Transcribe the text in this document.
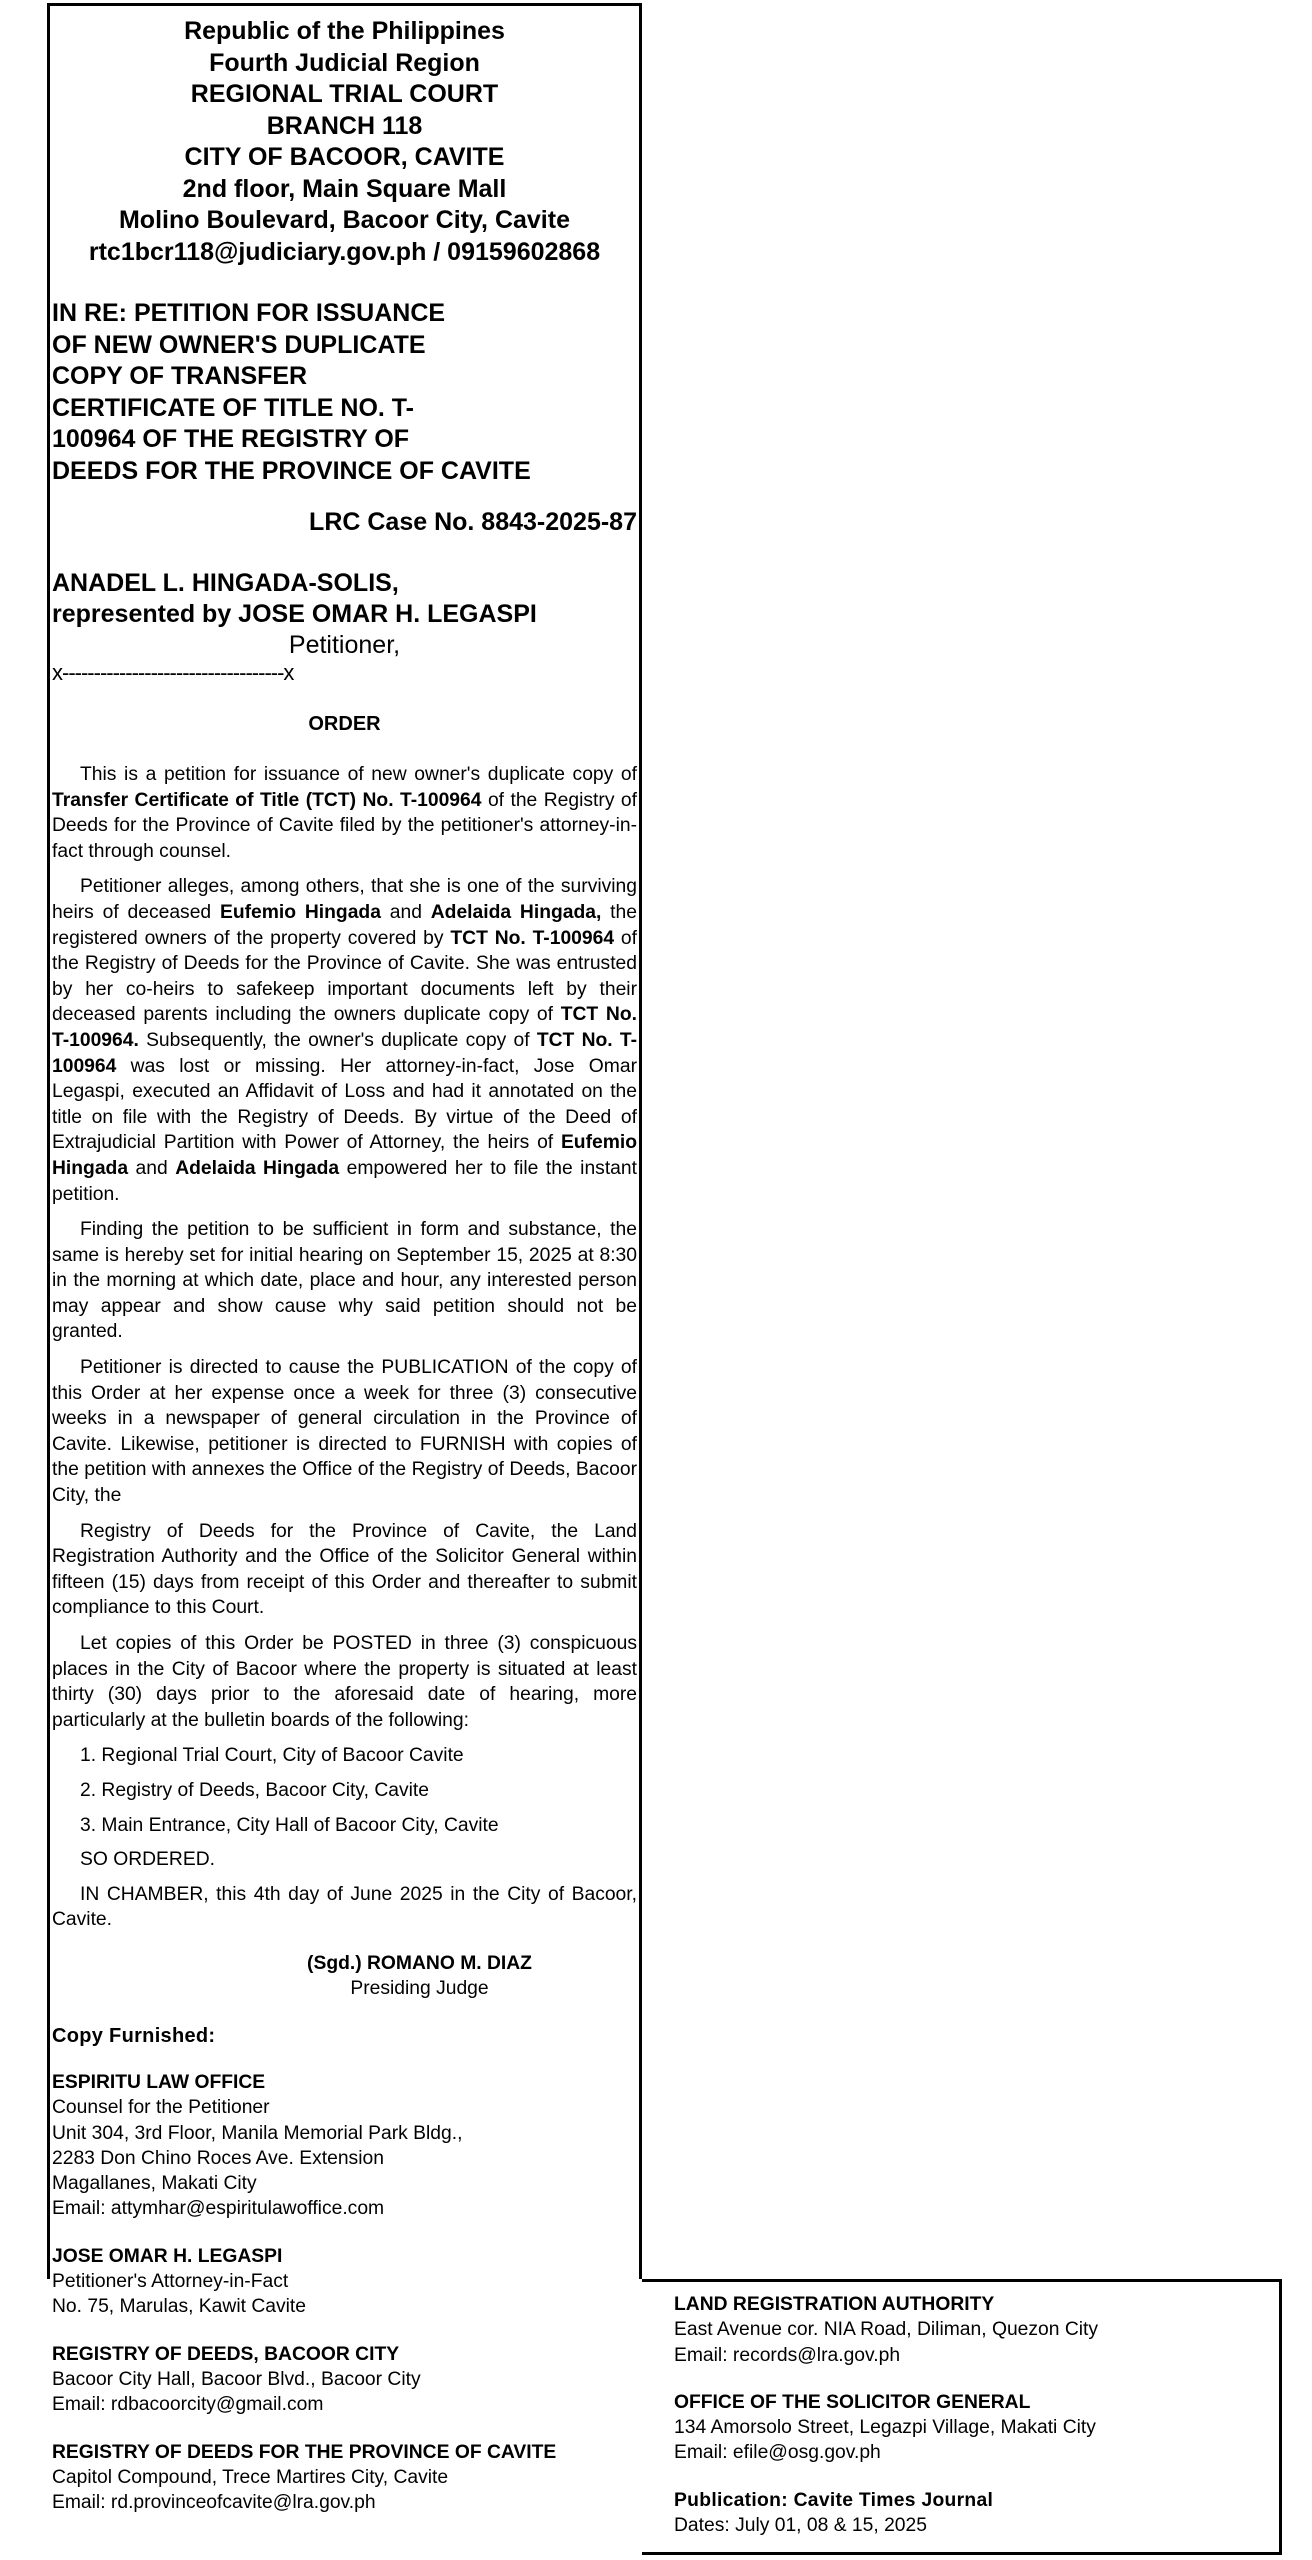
Republic of the Philippines
Fourth Judicial Region
REGIONAL TRIAL COURT
BRANCH 118
CITY OF BACOOR, CAVITE
2nd floor, Main Square Mall
Molino Boulevard, Bacoor City, Cavite
rtc1bcr118@judiciary.gov.ph / 09159602868
IN RE: PETITION FOR ISSUANCE
OF NEW OWNER'S DUPLICATE
COPY OF TRANSFER
CERTIFICATE OF TITLE NO. T-
100964 OF THE REGISTRY OF
DEEDS FOR THE PROVINCE OF CAVITE
LRC Case No. 8843-2025-87
ANADEL L. HINGADA-SOLIS,
represented by JOSE OMAR H. LEGASPI
Petitioner,
x-----------------------------------x
ORDER

This is a petition for issuance of new owner's duplicate copy of Transfer Certificate of Title (TCT) No. T-100964 of the Registry of Deeds for the Province of Cavite filed by the petitioner's attorney-in-fact through counsel.

Petitioner alleges, among others, that she is one of the surviving heirs of deceased Eufemio Hingada and Adelaida Hingada, the registered owners of the property covered by TCT No. T-100964 of the Registry of Deeds for the Province of Cavite. She was entrusted by her co-heirs to safekeep important documents left by their deceased parents including the owners duplicate copy of TCT No. T-100964. Subsequently, the owner's duplicate copy of TCT No. T-100964 was lost or missing. Her attorney-in-fact, Jose Omar Legaspi, executed an Affidavit of Loss and had it annotated on the title on file with the Registry of Deeds. By virtue of the Deed of Extrajudicial Partition with Power of Attorney, the heirs of Eufemio Hingada and Adelaida Hingada empowered her to file the instant petition.

Finding the petition to be sufficient in form and substance, the same is hereby set for initial hearing on September 15, 2025 at 8:30 in the morning at which date, place and hour, any interested person may appear and show cause why said petition should not be granted.

Petitioner is directed to cause the PUBLICATION of the copy of this Order at her expense once a week for three (3) consecutive weeks in a newspaper of general circulation in the Province of Cavite. Likewise, petitioner is directed to FURNISH with copies of the petition with annexes the Office of the Registry of Deeds, Bacoor City, the

Registry of Deeds for the Province of Cavite, the Land Registration Authority and the Office of the Solicitor General within fifteen (15) days from receipt of this Order and thereafter to submit compliance to this Court.

Let copies of this Order be POSTED in three (3) conspicuous places in the City of Bacoor where the property is situated at least thirty (30) days prior to the aforesaid date of hearing, more particularly at the bulletin boards of the following:

1. Regional Trial Court, City of Bacoor Cavite
2. Registry of Deeds, Bacoor City, Cavite
3. Main Entrance, City Hall of Bacoor City, Cavite
SO ORDERED.

IN CHAMBER, this 4th day of June 2025 in the City of Bacoor, Cavite.

(Sgd.) ROMANO M. DIAZ
Presiding Judge
Copy Furnished:
ESPIRITU LAW OFFICE
Counsel for the Petitioner
Unit 304, 3rd Floor, Manila Memorial Park Bldg.,
2283 Don Chino Roces Ave. Extension
Magallanes, Makati City
Email: attymhar@espiritulawoffice.com
JOSE OMAR H. LEGASPI
Petitioner's Attorney-in-Fact
No. 75, Marulas, Kawit Cavite
REGISTRY OF DEEDS, BACOOR CITY
Bacoor City Hall, Bacoor Blvd., Bacoor City
Email: rdbacoorcity@gmail.com
REGISTRY OF DEEDS FOR THE PROVINCE OF CAVITE
Capitol Compound, Trece Martires City, Cavite
Email: rd.provinceofcavite@lra.gov.ph
LAND REGISTRATION AUTHORITY
East Avenue cor. NIA Road, Diliman, Quezon City
Email: records@lra.gov.ph
OFFICE OF THE SOLICITOR GENERAL
134 Amorsolo Street, Legazpi Village, Makati City
Email: efile@osg.gov.ph
Publication: Cavite Times Journal
Dates: July 01, 08 & 15, 2025
